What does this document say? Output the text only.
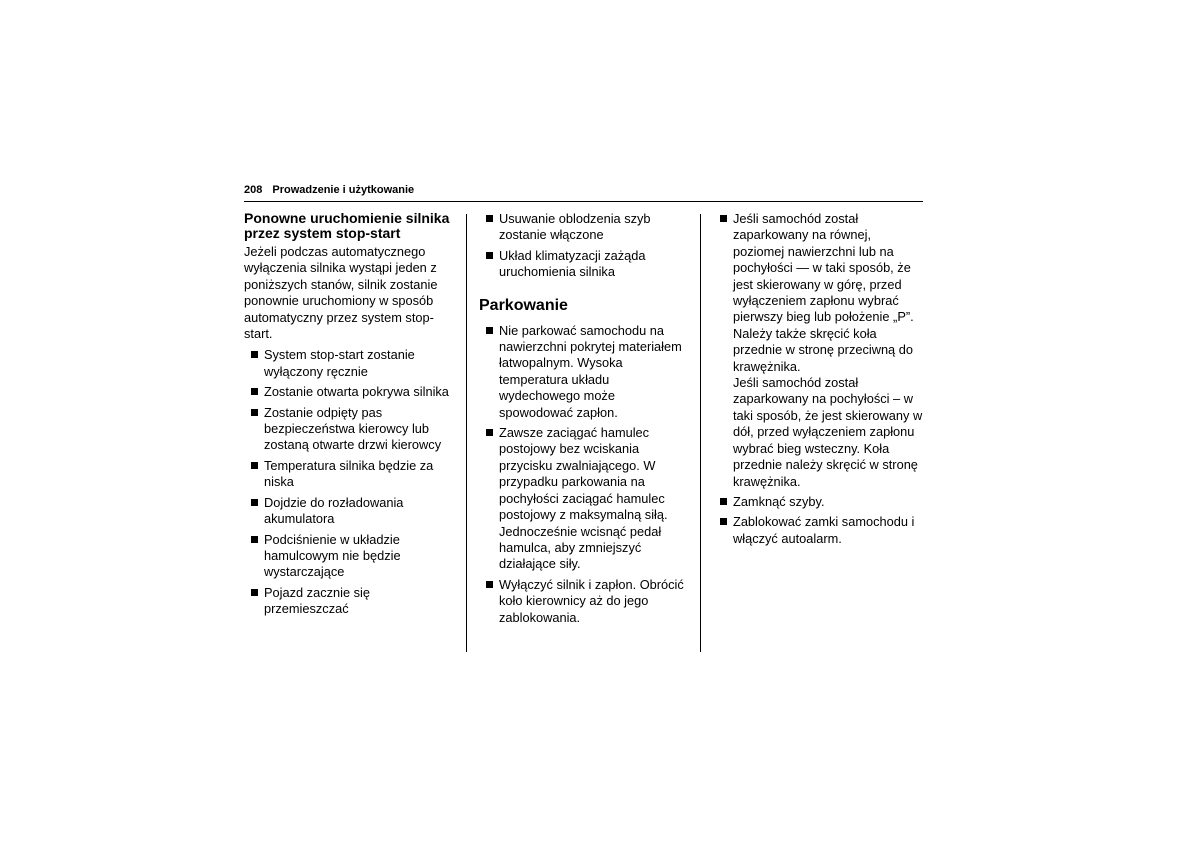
208 Prowadzenie i użytkowanie
Ponowne uruchomienie silnika przez system stop-start

Jeżeli podczas automatycznego wyłączenia silnika wystąpi jeden z poniższych stanów, silnik zostanie ponownie uruchomiony w sposób automatyczny przez system stop-start.

System stop-start zostanie wyłączony ręcznie
Zostanie otwarta pokrywa silnika
Zostanie odpięty pas bezpieczeństwa kierowcy lub zostaną otwarte drzwi kierowcy
Temperatura silnika będzie za niska
Dojdzie do rozładowania akumulatora
Podciśnienie w układzie hamulcowym nie będzie wystarczające
Pojazd zacznie się przemieszczać
Usuwanie oblodzenia szyb zostanie włączone
Układ klimatyzacji zażąda uruchomienia silnika
Parkowanie
Nie parkować samochodu na nawierzchni pokrytej materiałem łatwopalnym. Wysoka temperatura układu wydechowego może spowodować zapłon.
Zawsze zaciągać hamulec postojowy bez wciskania przycisku zwalniającego. W przypadku parkowania na pochyłości zaciągać hamulec postojowy z maksymalną siłą. Jednocześnie wcisnąć pedał hamulca, aby zmniejszyć działające siły.
Wyłączyć silnik i zapłon. Obrócić koło kierownicy aż do jego zablokowania.
Jeśli samochód został zaparkowany na równej, poziomej nawierzchni lub na pochyłości — w taki sposób, że jest skierowany w górę, przed wyłączeniem zapłonu wybrać pierwszy bieg lub położenie „P”. Należy także skręcić koła przednie w stronę przeciwną do krawężnika.
Jeśli samochód został zaparkowany na pochyłości – w taki sposób, że jest skierowany w dół, przed wyłączeniem zapłonu wybrać bieg wsteczny. Koła przednie należy skręcić w stronę krawężnika.
Zamknąć szyby.
Zablokować zamki samochodu i włączyć autoalarm.
